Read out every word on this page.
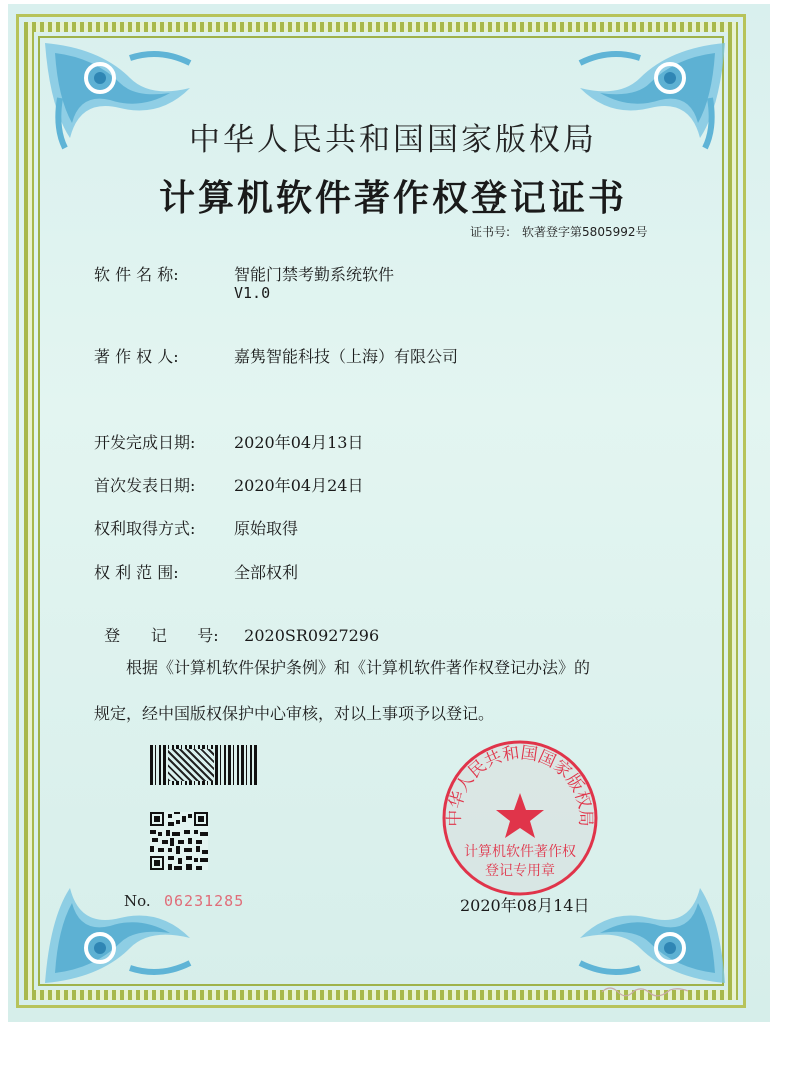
中华人民共和国国家版权局
计算机软件著作权登记证书
证书号: 软著登字第5805992号
软 件 名 称:	智能门禁考勤系统软件
V1.0
著 作 权 人:	嘉隽智能科技（上海）有限公司
开发完成日期: 2020年04月13日
首次发表日期: 2020年04月24日
权利取得方式: 原始取得
权 利 范 围:	全部权利

登      记      号: 2020SR0927296

根据《计算机软件保护条例》和《计算机软件著作权登记办法》的
规定，经中国版权保护中心审核，对以上事项予以登记。
No. 06231285
中华人民共和国国家版权局
计算机软件著作权
登记专用章
2020年08月14日
